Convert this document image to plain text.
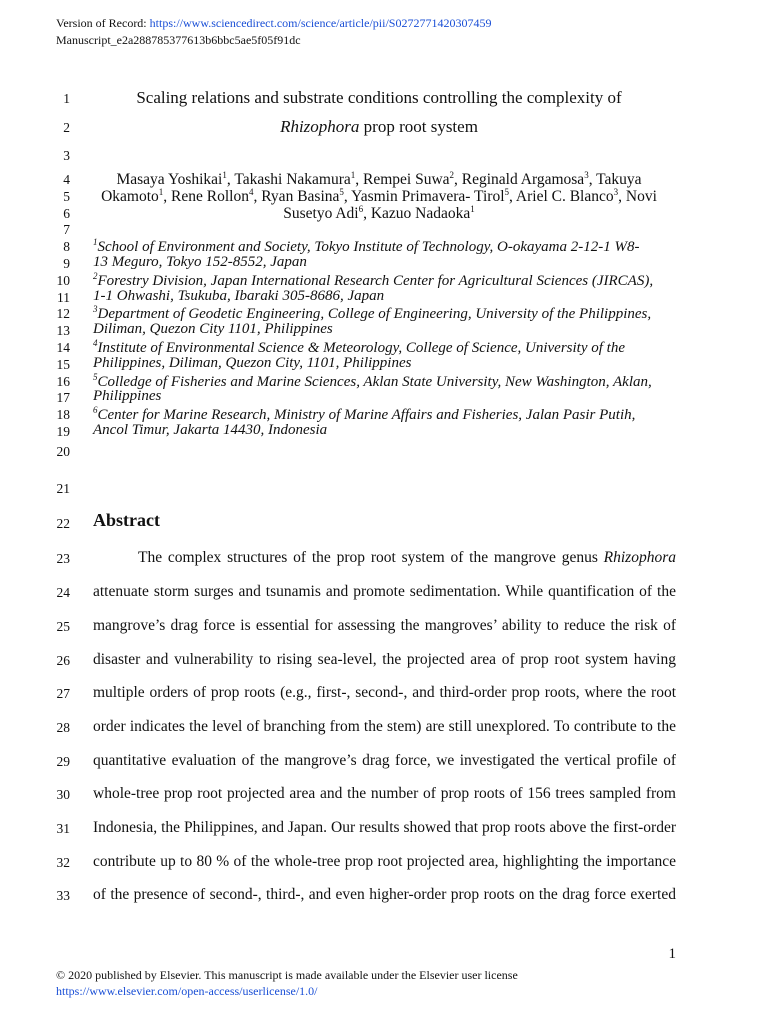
Version of Record: https://www.sciencedirect.com/science/article/pii/S0272771420307459
Manuscript_e2a288785377613b6bbc5ae5f05f91dc
1
2
3
4
5
6
7
8
9
10
11
12
13
14
15
16
17
18
19
20
21
22
23
24
25
26
27
28
29
30
31
32
33
Scaling relations and substrate conditions controlling the complexity of
Rhizophora prop root system
Masaya Yoshikai$^1$, Takashi Nakamura$^1$, Rempei Suwa$^2$, Reginald Argamosa$^3$, Takuya
Okamoto$^1$, Rene Rollon$^4$, Ryan Basina$^5$, Yasmin Primavera- Tirol$^5$, Ariel C. Blanco$^3$, Novi
Susetyo Adi$^6$, Kazuo Nadaoka$^1$
$^1$School of Environment and Society, Tokyo Institute of Technology, O-okayama 2-12-1 W8-
13 Meguro, Tokyo 152-8552, Japan
$^2$Forestry Division, Japan International Research Center for Agricultural Sciences (JIRCAS),
1-1 Ohwashi, Tsukuba, Ibaraki 305-8686, Japan
$^3$Department of Geodetic Engineering, College of Engineering, University of the Philippines,
Diliman, Quezon City 1101, Philippines
$^4$Institute of Environmental Science & Meteorology, College of Science, University of the
Philippines, Diliman, Quezon City, 1101, Philippines
$^5$Colledge of Fisheries and Marine Sciences, Aklan State University, New Washington, Aklan,
Philippines
$^6$Center for Marine Research, Ministry of Marine Affairs and Fisheries, Jalan Pasir Putih,
Ancol Timur, Jakarta 14430, Indonesia
Abstract
The complex structures of the prop root system of the mangrove genus Rhizophora
attenuate storm surges and tsunamis and promote sedimentation. While quantification of the
mangrove’s drag force is essential for assessing the mangroves’ ability to reduce the risk of
disaster and vulnerability to rising sea-level, the projected area of prop root system having
multiple orders of prop roots (e.g., first-, second-, and third-order prop roots, where the root
order indicates the level of branching from the stem) are still unexplored. To contribute to the
quantitative evaluation of the mangrove’s drag force, we investigated the vertical profile of
whole-tree prop root projected area and the number of prop roots of 156 trees sampled from
Indonesia, the Philippines, and Japan. Our results showed that prop roots above the first-order
contribute up to 80 % of the whole-tree prop root projected area, highlighting the importance
of the presence of second-, third-, and even higher-order prop roots on the drag force exerted
1
© 2020 published by Elsevier. This manuscript is made available under the Elsevier user license
https://www.elsevier.com/open-access/userlicense/1.0/
